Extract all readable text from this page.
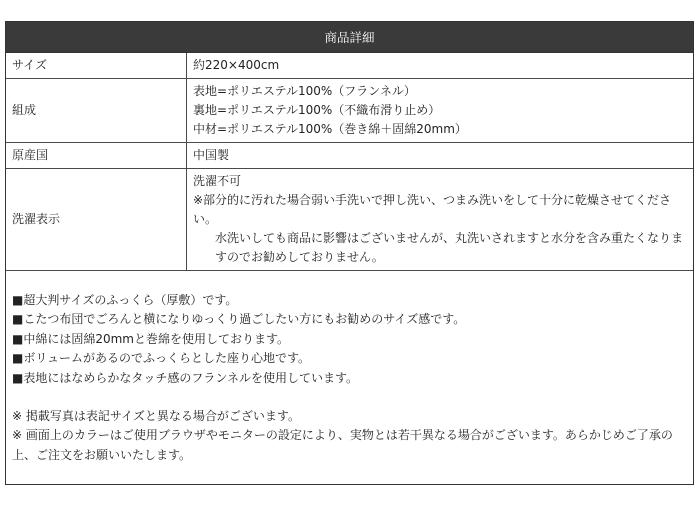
商品詳細
サイズ	約220×400cm
組成	表地=ポリエステル100%（フランネル）
裏地=ポリエステル100%（不織布滑り止め）
中材=ポリエステル100%（巻き綿＋固綿20mm）

原産国	中国製
洗濯表示	洗濯不可
※部分的に汚れた場合弱い手洗いで押し洗い、つまみ洗いをして十分に乾燥させてください。
水洗いしても商品に影響はございませんが、丸洗いされますと水分を含み重たくなりますのでお勧めしておりません。
■超大判サイズのふっくら（厚敷）です。
■こたつ布団でごろんと横になりゆっくり過ごしたい方にもお勧めのサイズ感です。
■中綿には固綿20mmと巻綿を使用しております。
■ボリュームがあるのでふっくらとした座り心地です。
■表地にはなめらかなタッチ感のフランネルを使用しています。
※ 掲載写真は表記サイズと異なる場合がございます。
※ 画面上のカラーはご使用ブラウザやモニターの設定により、実物とは若干異なる場合がございます。あらかじめご了承の上、ご注文をお願いいたします。
